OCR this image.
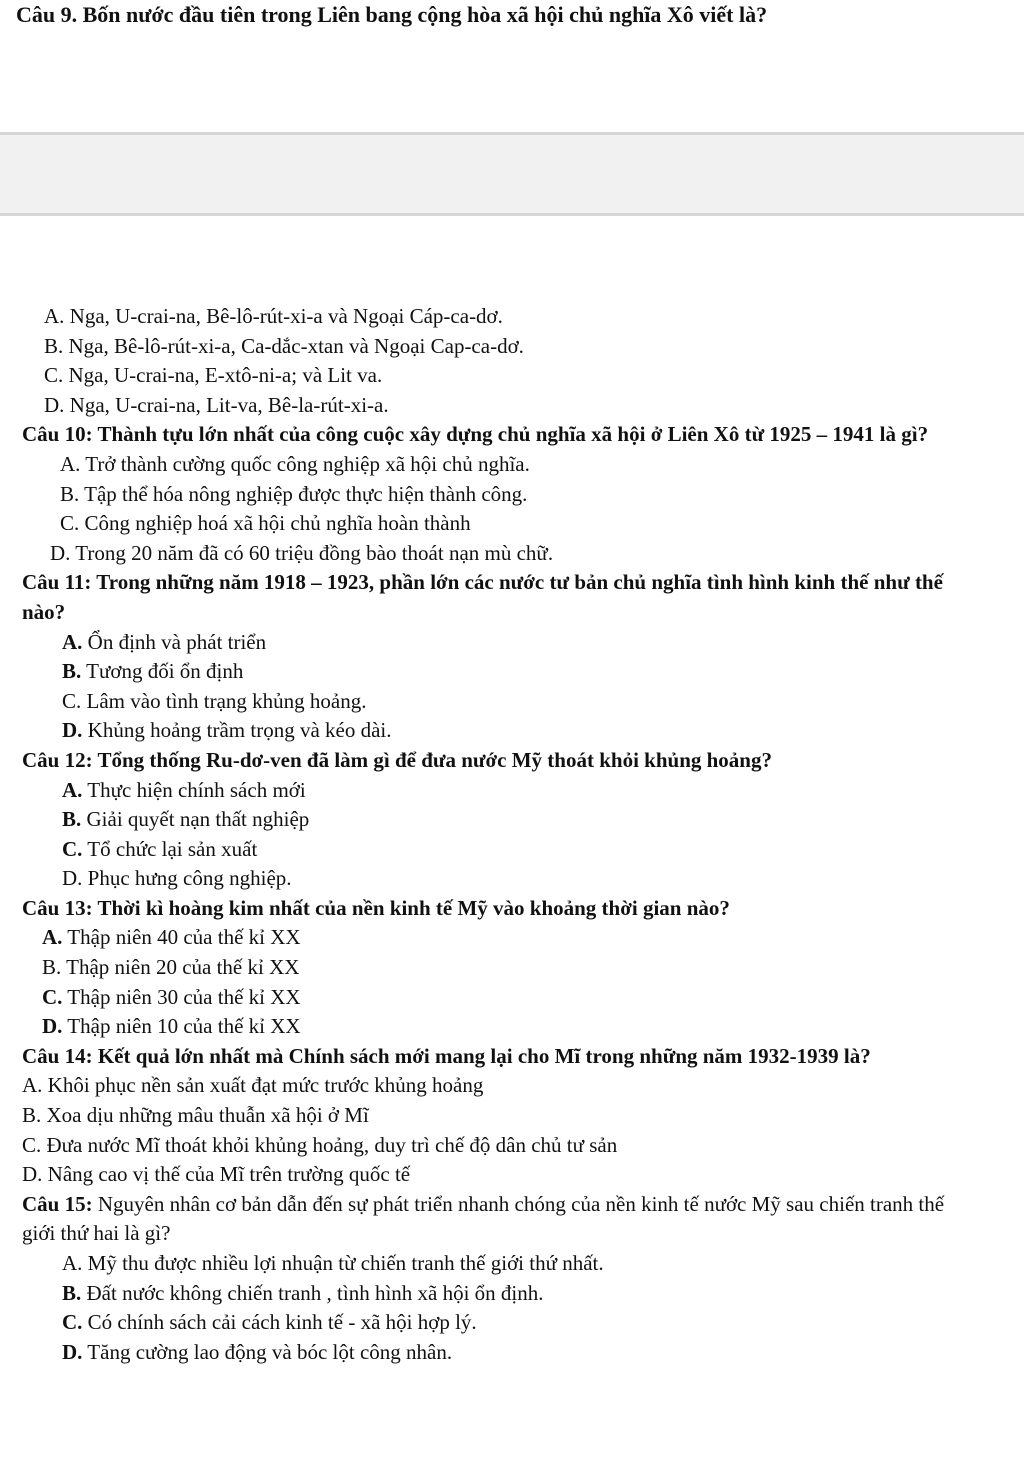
Câu 9. Bốn nước đầu tiên trong Liên bang cộng hòa xã hội chủ nghĩa Xô viết là?
A. Nga, U-crai-na, Bê-lô-rút-xi-a và Ngoại Cáp-ca-dơ.
B. Nga, Bê-lô-rút-xi-a, Ca-dắc-xtan và Ngoại Cap-ca-dơ.
C. Nga, U-crai-na, E-xtô-ni-a; và Lit va.
D. Nga, U-crai-na, Lit-va, Bê-la-rút-xi-a.
Câu 10: Thành tựu lớn nhất của công cuộc xây dựng chủ nghĩa xã hội ở Liên Xô từ 1925 – 1941 là gì?
A. Trở thành cường quốc công nghiệp xã hội chủ nghĩa.
B. Tập thể hóa nông nghiệp được thực hiện thành công.
C. Công nghiệp hoá xã hội chủ nghĩa hoàn thành
D. Trong 20 năm đã có 60 triệu đồng bào thoát nạn mù chữ.
Câu 11: Trong những năm 1918 – 1923, phần lớn các nước tư bản chủ nghĩa tình hình kinh thế như thế nào?
A. Ổn định và phát triển
B. Tương đối ổn định
C. Lâm vào tình trạng khủng hoảng.
D. Khủng hoảng trầm trọng và kéo dài.
Câu 12: Tổng thống Ru-dơ-ven đã làm gì để đưa nước Mỹ thoát khỏi khủng hoảng?
A. Thực hiện chính sách mới
B. Giải quyết nạn thất nghiệp
C. Tổ chức lại sản xuất
D. Phục hưng công nghiệp.
Câu 13: Thời kì hoàng kim nhất của nền kinh tế Mỹ vào khoảng thời gian nào?
A. Thập niên 40 của thế kỉ XX
B. Thập niên 20 của thế kỉ XX
C. Thập niên 30 của thế kỉ XX
D. Thập niên 10 của thế kỉ XX
Câu 14: Kết quả lớn nhất mà Chính sách mới mang lại cho Mĩ trong những năm 1932-1939 là?
A. Khôi phục nền sản xuất đạt mức trước khủng hoảng
B. Xoa dịu những mâu thuẫn xã hội ở Mĩ
C. Đưa nước Mĩ thoát khỏi khủng hoảng, duy trì chế độ dân chủ tư sản
D. Nâng cao vị thế của Mĩ trên trường quốc tế
Câu 15: Nguyên nhân cơ bản dẫn đến sự phát triển nhanh chóng của nền kinh tế nước Mỹ sau chiến tranh thế giới thứ hai là gì?
A. Mỹ thu được nhiều lợi nhuận từ chiến tranh thế giới thứ nhất.
B. Đất nước không chiến tranh , tình hình xã hội ổn định.
C. Có chính sách cải cách kinh tế - xã hội hợp lý.
D. Tăng cường lao động và bóc lột công nhân.
